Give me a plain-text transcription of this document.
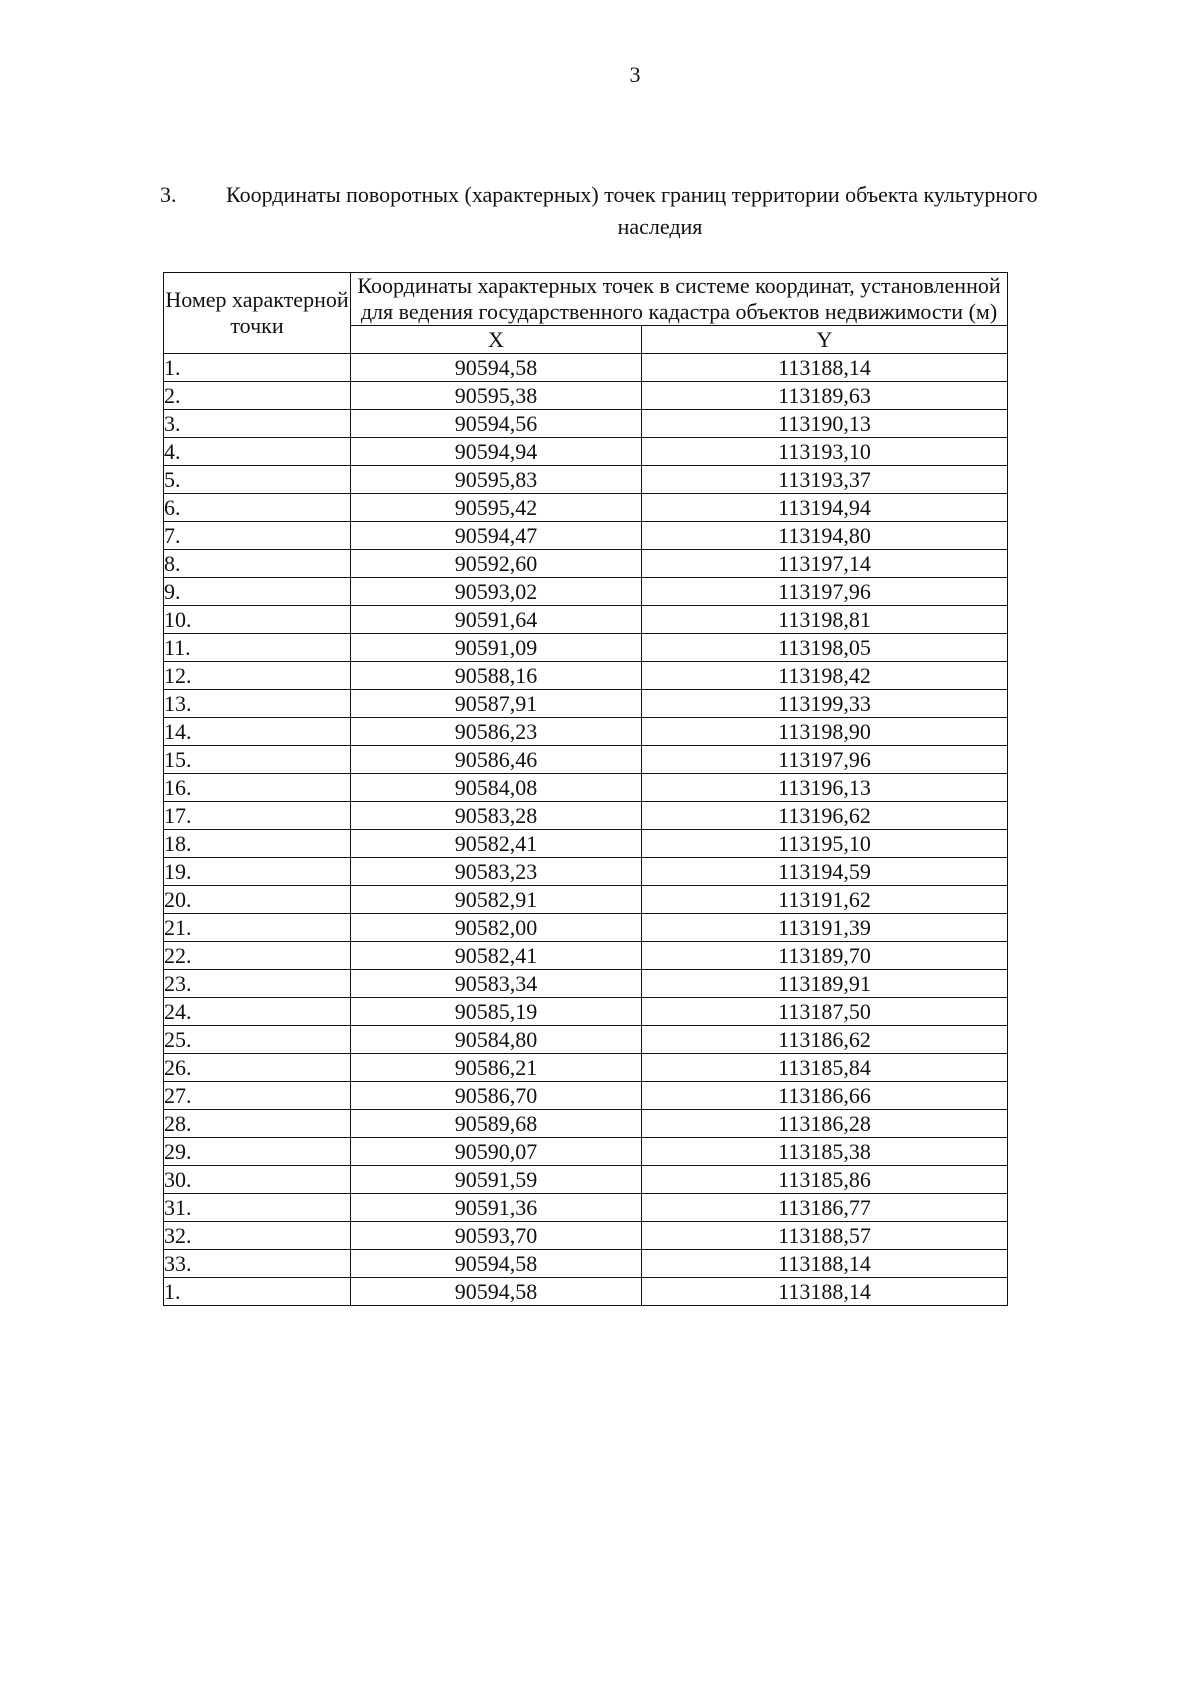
3
3. Координаты поворотных (характерных) точек границ территории объекта культурного
наследия
Номер характерной точки	Координаты характерных точек в системе координат, установленной для ведения государственного кадастра объектов недвижимости (м)	
	X	Y
1.	90594,58	113188,14
2.	90595,38	113189,63
3.	90594,56	113190,13
4.	90594,94	113193,10
5.	90595,83	113193,37
6.	90595,42	113194,94
7.	90594,47	113194,80
8.	90592,60	113197,14
9.	90593,02	113197,96
10.	90591,64	113198,81
11.	90591,09	113198,05
12.	90588,16	113198,42
13.	90587,91	113199,33
14.	90586,23	113198,90
15.	90586,46	113197,96
16.	90584,08	113196,13
17.	90583,28	113196,62
18.	90582,41	113195,10
19.	90583,23	113194,59
20.	90582,91	113191,62
21.	90582,00	113191,39
22.	90582,41	113189,70
23.	90583,34	113189,91
24.	90585,19	113187,50
25.	90584,80	113186,62
26.	90586,21	113185,84
27.	90586,70	113186,66
28.	90589,68	113186,28
29.	90590,07	113185,38
30.	90591,59	113185,86
31.	90591,36	113186,77
32.	90593,70	113188,57
33.	90594,58	113188,14
1.	90594,58	113188,14
